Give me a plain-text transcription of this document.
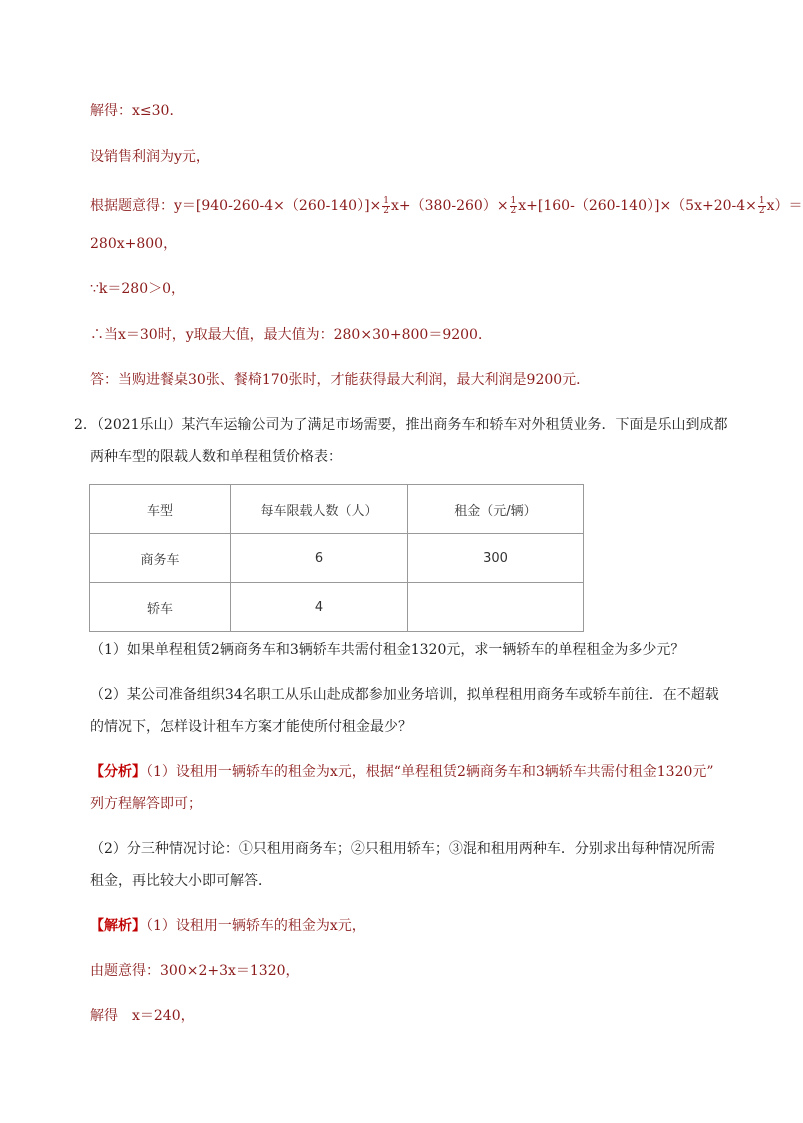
解得：x≤30．
设销售利润为y元，
根据题意得：$y=[940-260-4\times(260-140)]\times \frac{1}{2} x+(380-260)\times \frac{1}{2} x+[160-(260-140)]\times(5x+20-4\times \frac{1}{2} x)=$
280x+800，
∵k＝280＞0，
∴当x＝30时，y取最大值，最大值为：280×30+800＝9200．
答：当购进餐桌30张、餐椅170张时，才能获得最大利润，最大利润是9200元．
2．（2021乐山）某汽车运输公司为了满足市场需要，推出商务车和轿车对外租赁业务．下面是乐山到成都
两种车型的限载人数和单程租赁价格表：
车型	每车限载人数（人）	租金（元/辆）
商务车	6	300
轿车	4	
（1）如果单程租赁2辆商务车和3辆轿车共需付租金1320元，求一辆轿车的单程租金为多少元？
（2）某公司准备组织34名职工从乐山赴成都参加业务培训，拟单程租用商务车或轿车前往．在不超载
的情况下，怎样设计租车方案才能使所付租金最少？
【分析】（1）设租用一辆轿车的租金为x元，根据“单程租赁2辆商务车和3辆轿车共需付租金1320元”
列方程解答即可；
（2）分三种情况讨论：①只租用商务车；②只租用轿车；③混和租用两种车．分别求出每种情况所需
租金，再比较大小即可解答．
【解析】（1）设租用一辆轿车的租金为x元，
由题意得：300×2+3x＝1320，
解得　x＝240，
